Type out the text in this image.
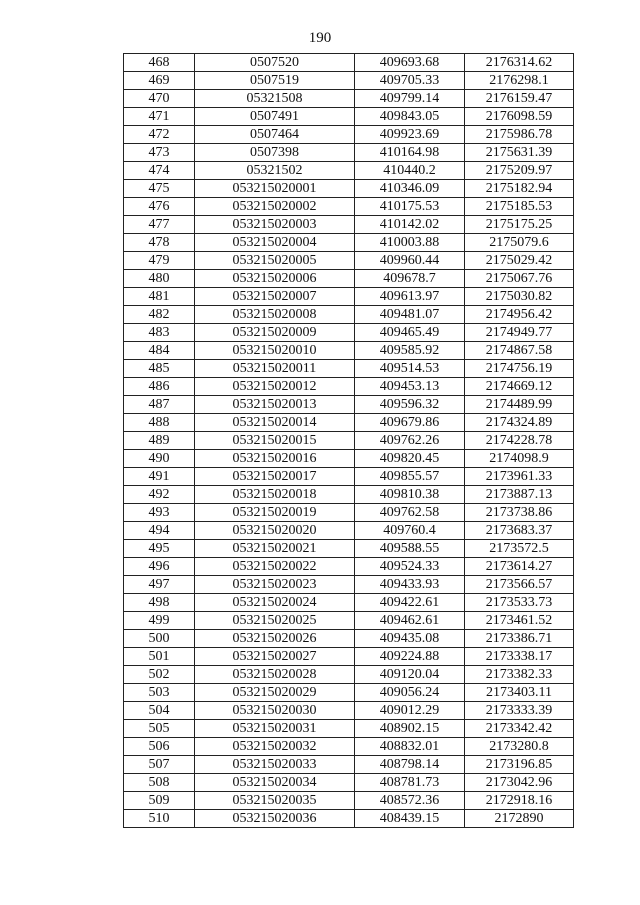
190
468	0507520	409693.68	2176314.62
469	0507519	409705.33	2176298.1
470	05321508	409799.14	2176159.47
471	0507491	409843.05	2176098.59
472	0507464	409923.69	2175986.78
473	0507398	410164.98	2175631.39
474	05321502	410440.2	2175209.97
475	053215020001	410346.09	2175182.94
476	053215020002	410175.53	2175185.53
477	053215020003	410142.02	2175175.25
478	053215020004	410003.88	2175079.6
479	053215020005	409960.44	2175029.42
480	053215020006	409678.7	2175067.76
481	053215020007	409613.97	2175030.82
482	053215020008	409481.07	2174956.42
483	053215020009	409465.49	2174949.77
484	053215020010	409585.92	2174867.58
485	053215020011	409514.53	2174756.19
486	053215020012	409453.13	2174669.12
487	053215020013	409596.32	2174489.99
488	053215020014	409679.86	2174324.89
489	053215020015	409762.26	2174228.78
490	053215020016	409820.45	2174098.9
491	053215020017	409855.57	2173961.33
492	053215020018	409810.38	2173887.13
493	053215020019	409762.58	2173738.86
494	053215020020	409760.4	2173683.37
495	053215020021	409588.55	2173572.5
496	053215020022	409524.33	2173614.27
497	053215020023	409433.93	2173566.57
498	053215020024	409422.61	2173533.73
499	053215020025	409462.61	2173461.52
500	053215020026	409435.08	2173386.71
501	053215020027	409224.88	2173338.17
502	053215020028	409120.04	2173382.33
503	053215020029	409056.24	2173403.11
504	053215020030	409012.29	2173333.39
505	053215020031	408902.15	2173342.42
506	053215020032	408832.01	2173280.8
507	053215020033	408798.14	2173196.85
508	053215020034	408781.73	2173042.96
509	053215020035	408572.36	2172918.16
510	053215020036	408439.15	2172890
